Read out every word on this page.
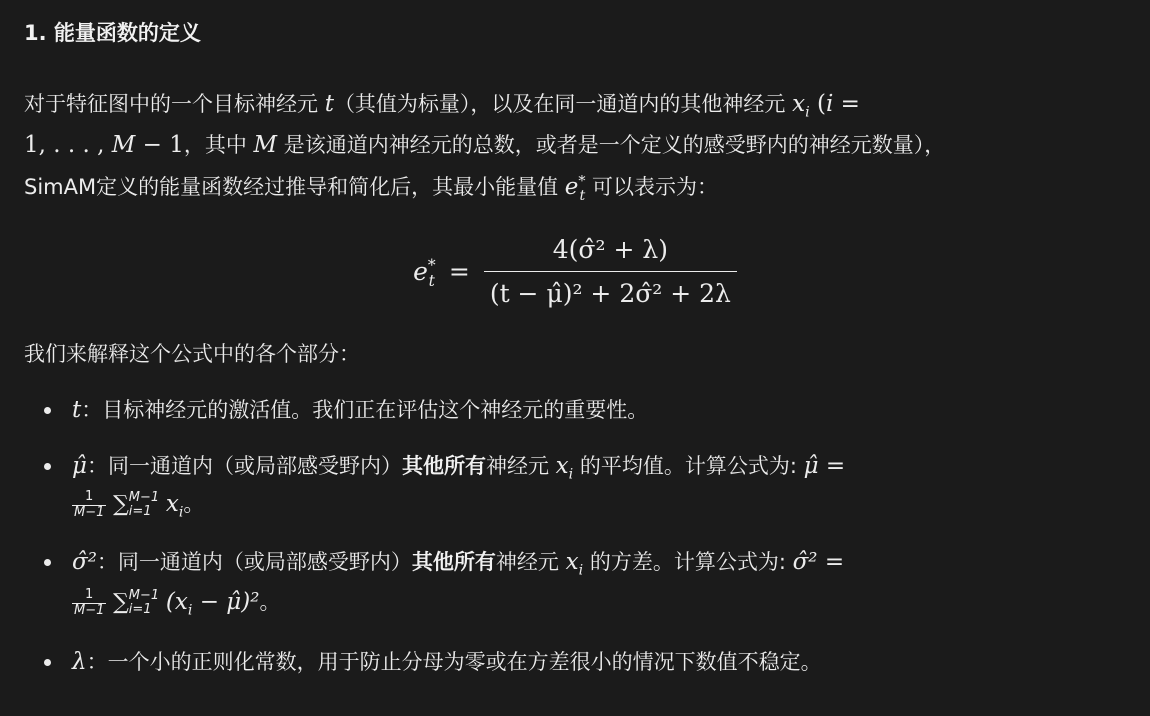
1. 能量函数的定义
对于特征图中的一个目标神经元 t（其值为标量），以及在同一通道内的其他神经元 $x_i$ (i =
1, . . . , M − 1，其中 M 是该通道内神经元的总数，或者是一个定义的感受野内的神经元数量），
SimAM定义的能量函数经过推导和简化后，其最小能量值 $e^*_t$ 可以表示为：
$e^*_t = \frac{\text{4(σ̂² + λ)}}{\text{(t − μ̂)² + 2σ̂² + 2λ}}$
我们来解释这个公式中的各个部分：
t：目标神经元的激活值。我们正在评估这个神经元的重要性。
μ̂：同一通道内（或局部感受野内）其他所有神经元 $x_i$ 的平均值。计算公式为: μ̂ =
$\frac{1}{M-1}$ ∑ M−1
i=1 $x_i$。
σ̂²：同一通道内（或局部感受野内）其他所有神经元 $x_i$ 的方差。计算公式为: σ̂² =
$\frac{1}{M-1}$ ∑ M−1
i=1 ($x_i$ − μ̂)²。
λ：一个小的正则化常数，用于防止分母为零或在方差很小的情况下数值不稳定。
